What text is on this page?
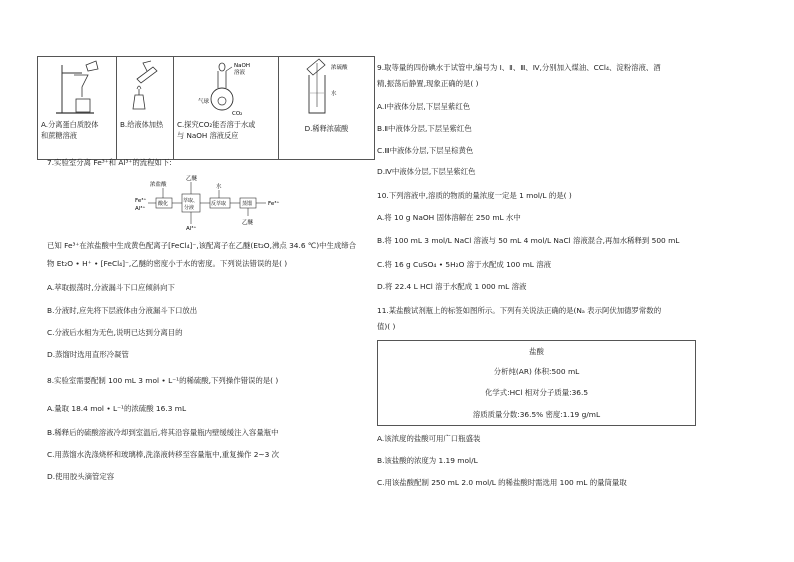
A.分离蛋白质胶体
和蔗糖溶液

B.给液体加热

NaOH
溶液
气球
CO₂
C.探究CO₂能否溶于水或
与 NaOH 溶液反应

浓硫酸
水
D.稀释浓硫酸
7.实验室分离 Fe³⁺和 Al³⁺的流程如下:
Fe³⁺
Al³⁺
浓盐酸
酸化
乙醚
萃取、
分液
Al³⁺
水
反萃取	蒸馏
乙醚
Fe³⁺
已知 Fe³⁺在浓盐酸中生成黄色配离子[FeCl₄]⁻,该配离子在乙醚(Et₂O,沸点 34.6 ℃)中生成缔合
物 Et₂O • H⁺ • [FeCl₄]⁻,乙醚的密度小于水的密度。下列说法错误的是( )
A.萃取振荡时,分液漏斗下口应倾斜向下
B.分液时,应先将下层液体由分液漏斗下口放出
C.分液后水相为无色,说明已达到分离目的
D.蒸馏时选用直形冷凝管
8.实验室需要配制 100 mL 3 mol • L⁻¹的稀硫酸,下列操作错误的是( )
A.量取 18.4 mol • L⁻¹的浓硫酸 16.3 mL
B.稀释后的硫酸溶液冷却到室温后,将其沿容量瓶内壁缓缓注入容量瓶中
C.用蒸馏水洗涤烧杯和玻璃棒,洗涤液转移至容量瓶中,重复操作 2~3 次
D.使用胶头滴管定容
9.取等量的四份碘水于试管中,编号为 Ⅰ、Ⅱ、Ⅲ、Ⅳ,分别加入煤油、CCl₄、淀粉溶液、酒
精,振荡后静置,现象正确的是( )
A.Ⅰ中液体分层,下层呈紫红色
B.Ⅱ中液体分层,下层呈紫红色
C.Ⅲ中液体分层,下层呈棕黄色
D.Ⅳ中液体分层,下层呈紫红色
10.下列溶液中,溶质的物质的量浓度一定是 1 mol/L 的是( )
A.将 10 g NaOH 固体溶解在 250 mL 水中
B.将 100 mL 3 mol/L NaCl 溶液与 50 mL 4 mol/L NaCl 溶液混合,再加水稀释到 500 mL
C.将 16 g CuSO₄ • 5H₂O 溶于水配成 100 mL 溶液
D.将 22.4 L HCl 溶于水配成 1 000 mL 溶液
11.某盐酸试剂瓶上的标签如图所示。下列有关说法正确的是(Nₐ 表示阿伏加德罗常数的
值)( )
盐酸
分析纯(AR) 体积:500 mL
化学式:HCl 相对分子质量:36.5
溶质质量分数:36.5% 密度:1.19 g/mL
A.该浓度的盐酸可用广口瓶盛装
B.该盐酸的浓度为 1.19 mol/L
C.用该盐酸配制 250 mL 2.0 mol/L 的稀盐酸时需选用 100 mL 的量筒量取
